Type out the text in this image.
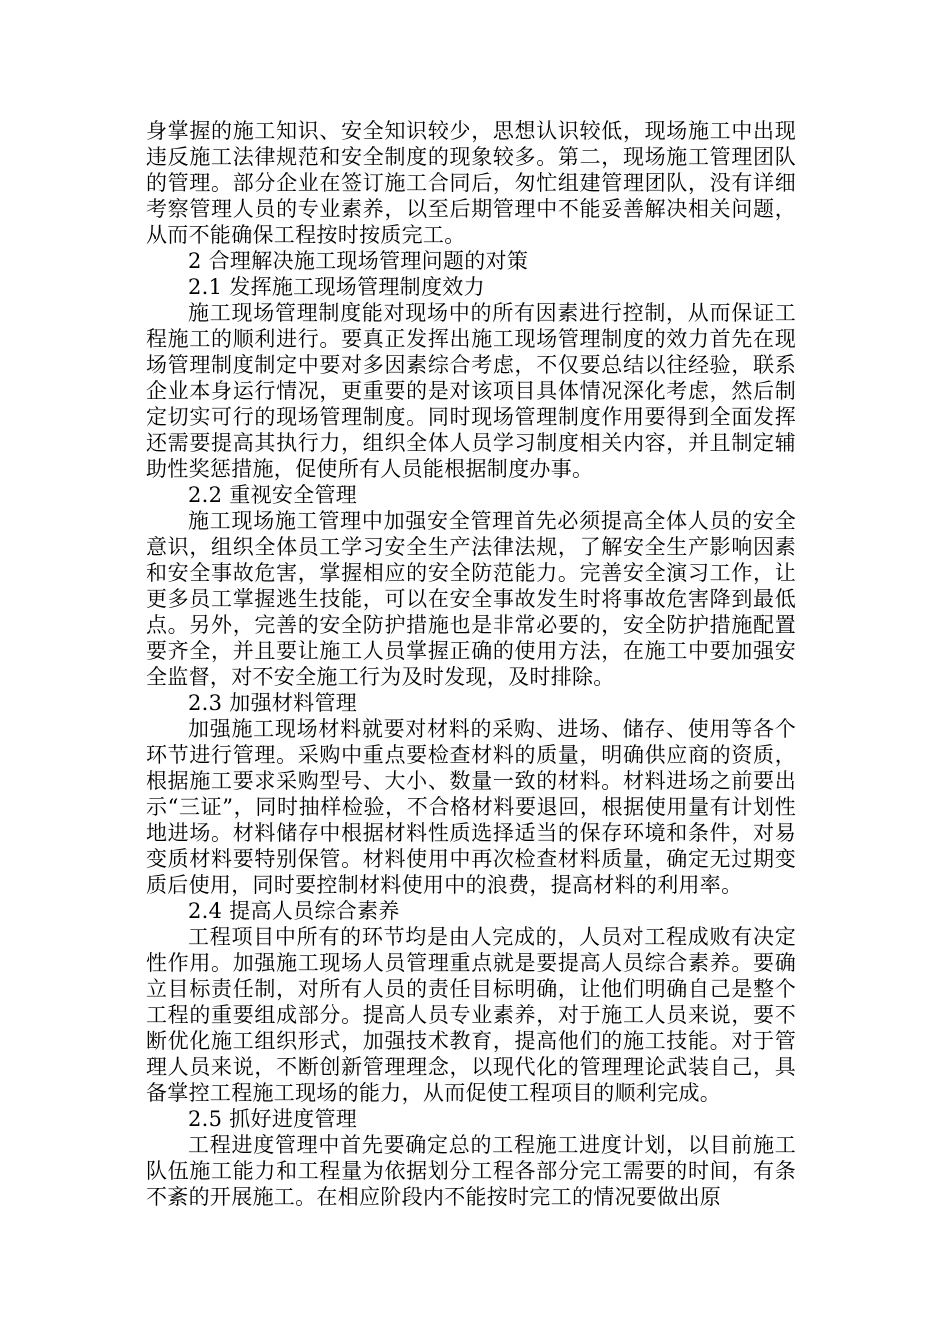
身掌握的施工知识、安全知识较少，思想认识较低，现场施工中出现违反施工法律规范和安全制度的现象较多。第二，现场施工管理团队的管理。部分企业在签订施工合同后，匆忙组建管理团队，没有详细考察管理人员的专业素养，以至后期管理中不能妥善解决相关问题，从而不能确保工程按时按质完工。

2 合理解决施工现场管理问题的对策

2.1 发挥施工现场管理制度效力

施工现场管理制度能对现场中的所有因素进行控制，从而保证工程施工的顺利进行。要真正发挥出施工现场管理制度的效力首先在现场管理制度制定中要对多因素综合考虑，不仅要总结以往经验，联系企业本身运行情况，更重要的是对该项目具体情况深化考虑，然后制定切实可行的现场管理制度。同时现场管理制度作用要得到全面发挥还需要提高其执行力，组织全体人员学习制度相关内容，并且制定辅助性奖惩措施，促使所有人员能根据制度办事。

2.2 重视安全管理

施工现场施工管理中加强安全管理首先必须提高全体人员的安全意识，组织全体员工学习安全生产法律法规，了解安全生产影响因素和安全事故危害，掌握相应的安全防范能力。完善安全演习工作，让更多员工掌握逃生技能，可以在安全事故发生时将事故危害降到最低点。另外，完善的安全防护措施也是非常必要的，安全防护措施配置要齐全，并且要让施工人员掌握正确的使用方法，在施工中要加强安全监督，对不安全施工行为及时发现，及时排除。

2.3 加强材料管理

加强施工现场材料就要对材料的采购、进场、储存、使用等各个环节进行管理。采购中重点要检查材料的质量，明确供应商的资质，根据施工要求采购型号、大小、数量一致的材料。材料进场之前要出示“三证”，同时抽样检验，不合格材料要退回，根据使用量有计划性地进场。材料储存中根据材料性质选择适当的保存环境和条件，对易变质材料要特别保管。材料使用中再次检查材料质量，确定无过期变质后使用，同时要控制材料使用中的浪费，提高材料的利用率。

2.4 提高人员综合素养

工程项目中所有的环节均是由人完成的，人员对工程成败有决定性作用。加强施工现场人员管理重点就是要提高人员综合素养。要确立目标责任制，对所有人员的责任目标明确，让他们明确自己是整个工程的重要组成部分。提高人员专业素养，对于施工人员来说，要不断优化施工组织形式，加强技术教育，提高他们的施工技能。对于管理人员来说，不断创新管理理念，以现代化的管理理论武装自己，具备掌控工程施工现场的能力，从而促使工程项目的顺利完成。

2.5 抓好进度管理

工程进度管理中首先要确定总的工程施工进度计划，以目前施工队伍施工能力和工程量为依据划分工程各部分完工需要的时间，有条不紊的开展施工。在相应阶段内不能按时完工的情况要做出原
